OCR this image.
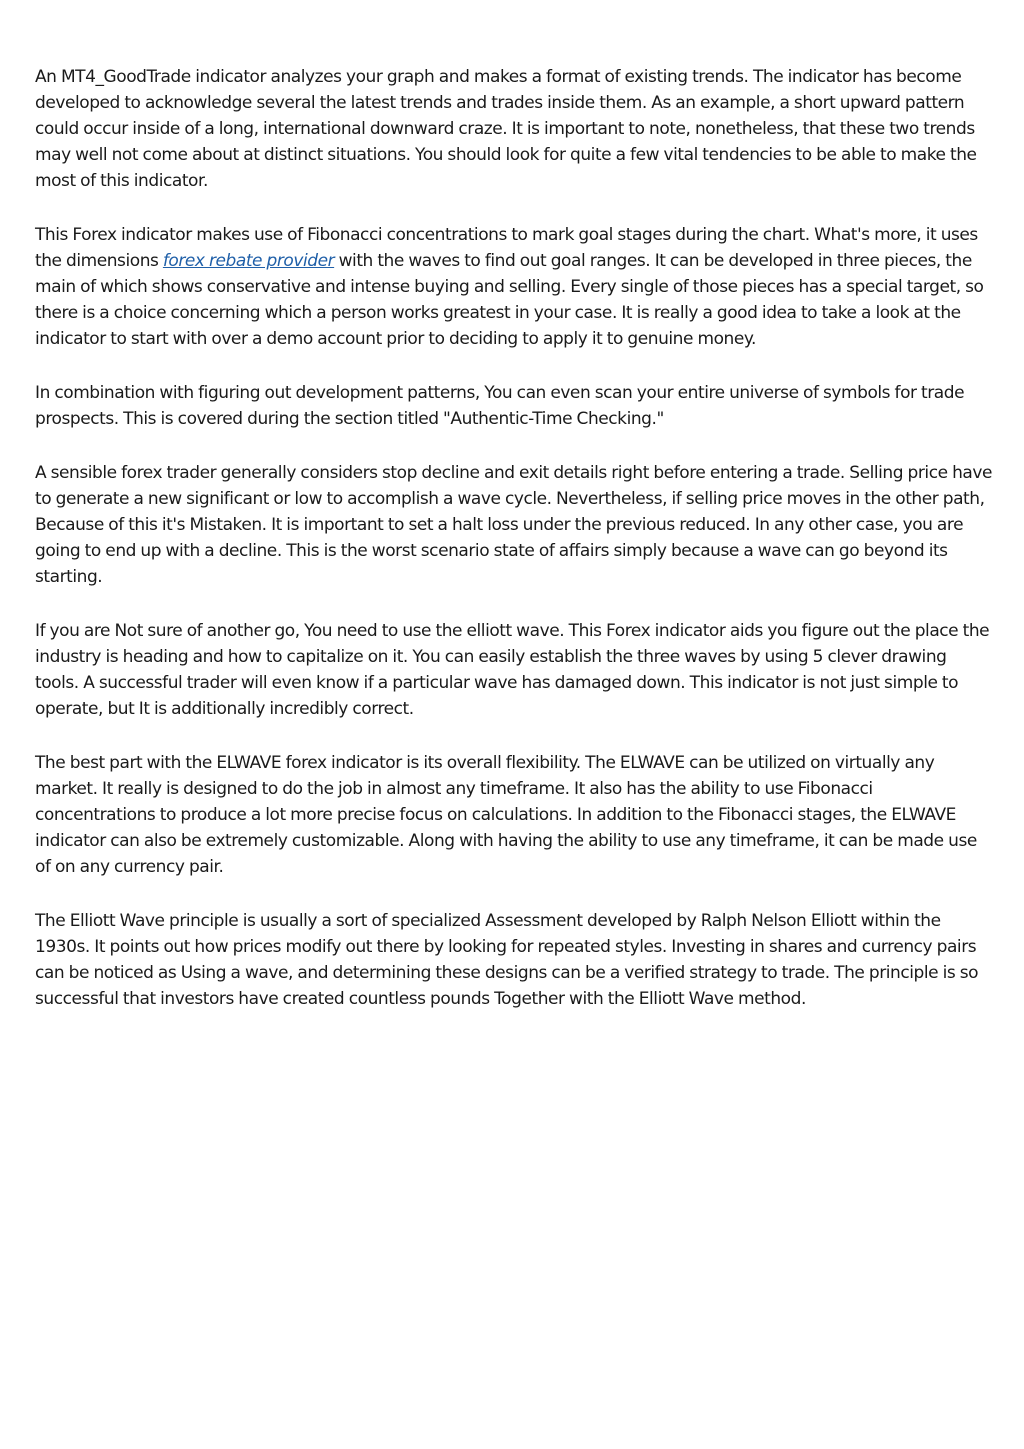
An MT4_GoodTrade indicator analyzes your graph and makes a format of existing trends. The indicator has become developed to acknowledge several the latest trends and trades inside them. As an example, a short upward pattern could occur inside of a long, international downward craze. It is important to note, nonetheless, that these two trends may well not come about at distinct situations. You should look for quite a few vital tendencies to be able to make the most of this indicator.

This Forex indicator makes use of Fibonacci concentrations to mark goal stages during the chart. What's more, it uses the dimensions forex rebate provider with the waves to find out goal ranges. It can be developed in three pieces, the main of which shows conservative and intense buying and selling. Every single of those pieces has a special target, so there is a choice concerning which a person works greatest in your case. It is really a good idea to take a look at the indicator to start with over a demo account prior to deciding to apply it to genuine money.

In combination with figuring out development patterns, You can even scan your entire universe of symbols for trade prospects. This is covered during the section titled "Authentic-Time Checking."

A sensible forex trader generally considers stop decline and exit details right before entering a trade. Selling price have to generate a new significant or low to accomplish a wave cycle. Nevertheless, if selling price moves in the other path, Because of this it's Mistaken. It is important to set a halt loss under the previous reduced. In any other case, you are going to end up with a decline. This is the worst scenario state of affairs simply because a wave can go beyond its starting.

If you are Not sure of another go, You need to use the elliott wave. This Forex indicator aids you figure out the place the industry is heading and how to capitalize on it. You can easily establish the three waves by using 5 clever drawing tools. A successful trader will even know if a particular wave has damaged down. This indicator is not just simple to operate, but It is additionally incredibly correct.

The best part with the ELWAVE forex indicator is its overall flexibility. The ELWAVE can be utilized on virtually any market. It really is designed to do the job in almost any timeframe. It also has the ability to use Fibonacci concentrations to produce a lot more precise focus on calculations. In addition to the Fibonacci stages, the ELWAVE indicator can also be extremely customizable. Along with having the ability to use any timeframe, it can be made use of on any currency pair.

The Elliott Wave principle is usually a sort of specialized Assessment developed by Ralph Nelson Elliott within the 1930s. It points out how prices modify out there by looking for repeated styles. Investing in shares and currency pairs can be noticed as Using a wave, and determining these designs can be a verified strategy to trade. The principle is so successful that investors have created countless pounds Together with the Elliott Wave method.
